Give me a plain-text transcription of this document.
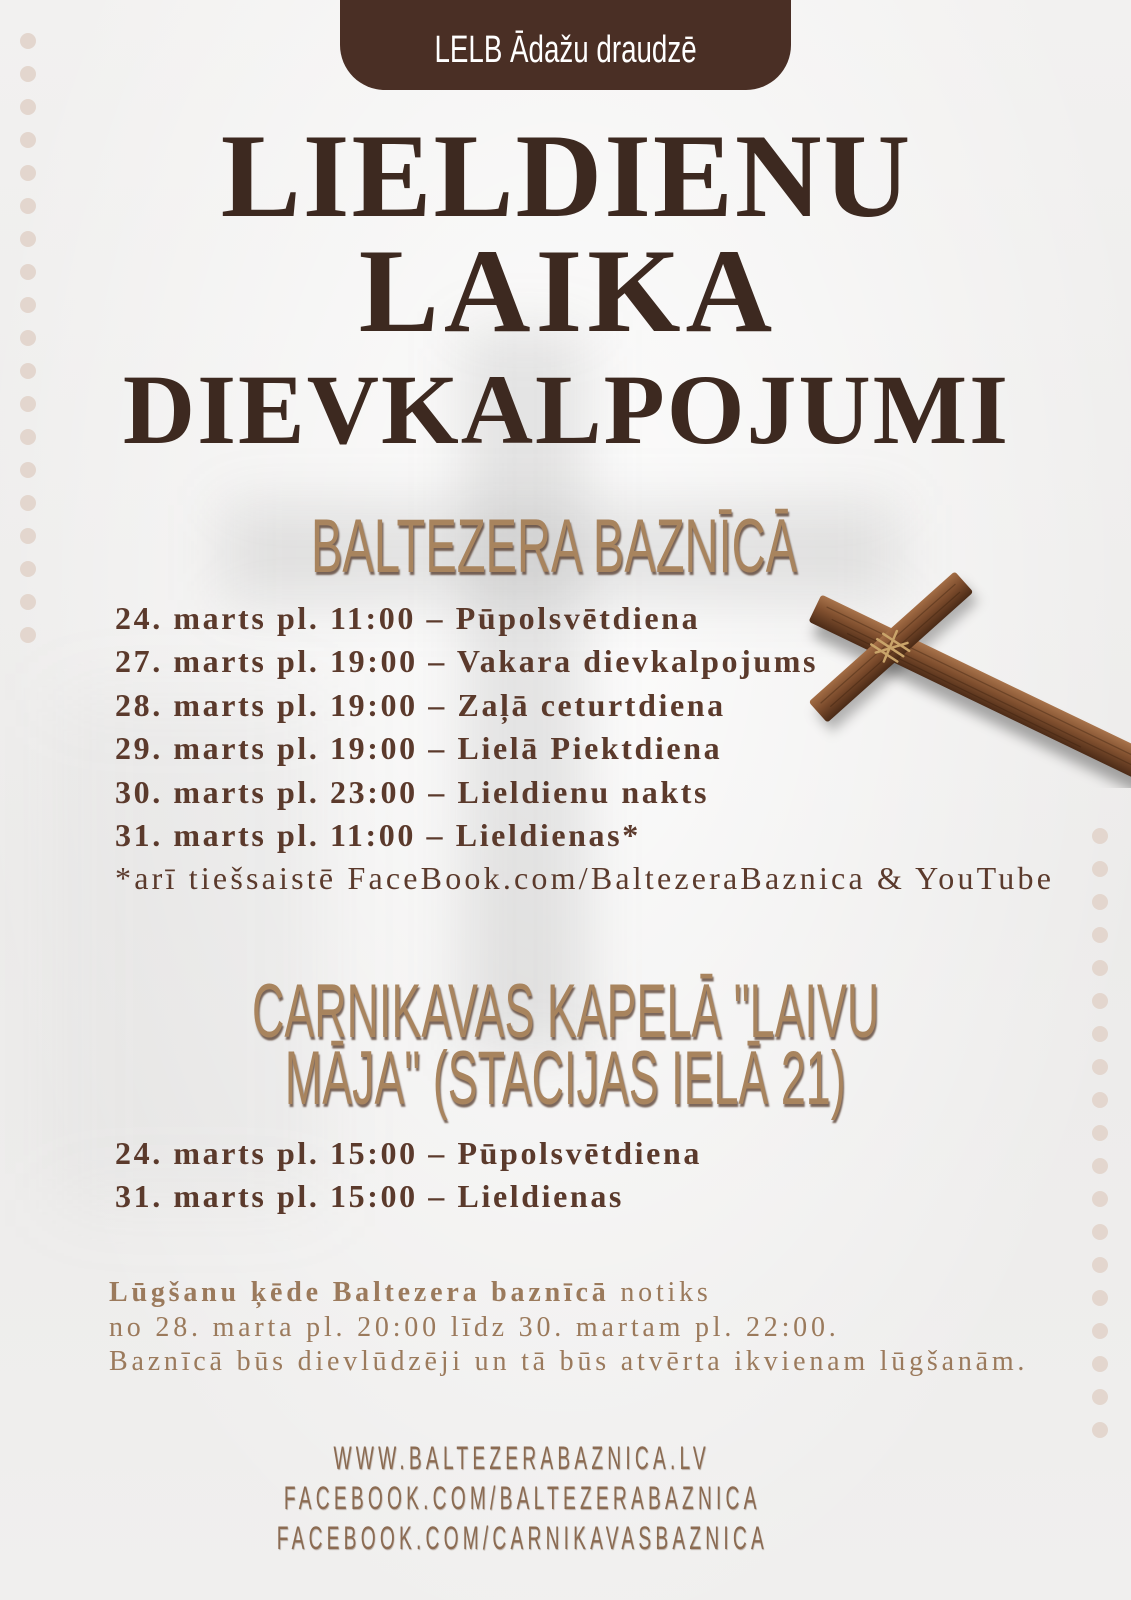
LELB Ādažu draudzē
LIELDIENU
LAIKA
DIEVKALPOJUMI
BALTEZERA BAZNĪCĀ
24. marts pl. 11:00 – Pūpolsvētdiena
27. marts pl. 19:00 – Vakara dievkalpojums
28. marts pl. 19:00 – Zaļā ceturtdiena
29. marts pl. 19:00 – Lielā Piektdiena
30. marts pl. 23:00 – Lieldienu nakts
31. marts pl. 11:00 – Lieldienas*
*arī tiešsaistē FaceBook.com/BaltezeraBaznica & YouTube
CARNIKAVAS KAPELĀ "LAIVU
MĀJA" (STACIJAS IELĀ 21)
24. marts pl. 15:00 – Pūpolsvētdiena
31. marts pl. 15:00 – Lieldienas
Lūgšanu ķēde Baltezera baznīcā notiks
no 28. marta pl. 20:00 līdz 30. martam pl. 22:00.
Baznīcā būs dievlūdzēji un tā būs atvērta ikvienam lūgšanām.
WWW.BALTEZERABAZNICA.LV
FACEBOOK.COM/BALTEZERABAZNICA
FACEBOOK.COM/CARNIKAVASBAZNICA
